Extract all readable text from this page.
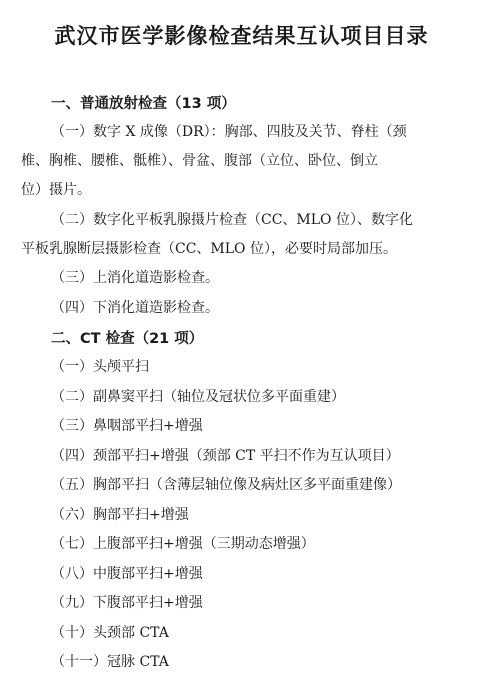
武汉市医学影像检查结果互认项目目录
一、普通放射检查（13 项）
（一）数字 X 成像（DR）：胸部、四肢及关节、脊柱（颈
椎、胸椎、腰椎、骶椎）、骨盆、腹部（立位、卧位、倒立
位）摄片。
（二）数字化平板乳腺摄片检查（CC、MLO 位）、数字化
平板乳腺断层摄影检查（CC、MLO 位），必要时局部加压。
（三）上消化道造影检查。
（四）下消化道造影检查。
二、CT 检查（21 项）
（一）头颅平扫
（二）副鼻窦平扫（轴位及冠状位多平面重建）
（三）鼻咽部平扫+增强
（四）颈部平扫+增强（颈部 CT 平扫不作为互认项目）
（五）胸部平扫（含薄层轴位像及病灶区多平面重建像）
（六）胸部平扫+增强
（七）上腹部平扫+增强（三期动态增强）
（八）中腹部平扫+增强
（九）下腹部平扫+增强
（十）头颈部 CTA
（十一）冠脉 CTA
